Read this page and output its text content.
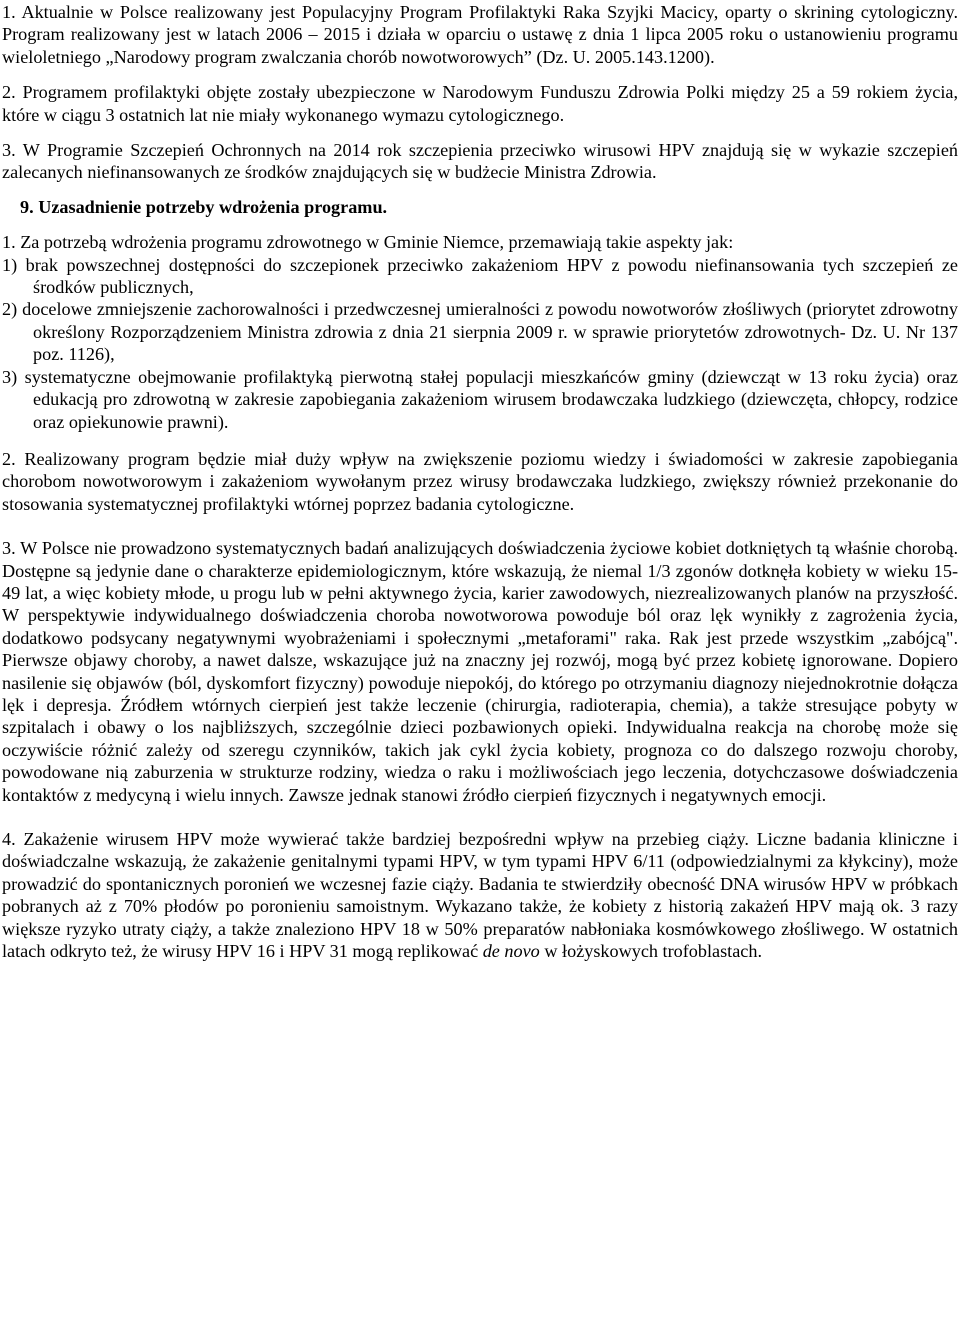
1. Aktualnie w Polsce realizowany jest Populacyjny Program Profilaktyki Raka Szyjki Macicy, oparty o skrining cytologiczny. Program realizowany jest w latach 2006 – 2015 i działa w oparciu o ustawę z dnia 1 lipca 2005 roku o ustanowieniu programu wieloletniego „Narodowy program zwalczania chorób nowotworowych” (Dz. U. 2005.143.1200).

2. Programem profilaktyki objęte zostały ubezpieczone w Narodowym Funduszu Zdrowia Polki między 25 a 59 rokiem życia, które w ciągu 3 ostatnich lat nie miały wykonanego wymazu cytologicznego.

3. W Programie Szczepień Ochronnych na 2014 rok szczepienia przeciwko wirusowi HPV znajdują się w wykazie szczepień zalecanych niefinansowanych ze środków znajdujących się w budżecie Ministra Zdrowia.

9. Uzasadnienie potrzeby wdrożenia programu.

1. Za potrzebą wdrożenia programu zdrowotnego w Gminie Niemce, przemawiają takie aspekty jak:

1) brak powszechnej dostępności do szczepionek przeciwko zakażeniom HPV z powodu niefinansowania tych szczepień ze środków publicznych,

2) docelowe zmniejszenie zachorowalności i przedwczesnej umieralności z powodu nowotworów złośliwych (priorytet zdrowotny określony Rozporządzeniem Ministra zdrowia z dnia 21 sierpnia 2009 r. w sprawie priorytetów zdrowotnych- Dz. U. Nr 137 poz. 1126),

3) systematyczne obejmowanie profilaktyką pierwotną stałej populacji mieszkańców gminy (dziewcząt w 13 roku życia) oraz edukacją pro zdrowotną w zakresie zapobiegania zakażeniom wirusem brodawczaka ludzkiego (dziewczęta, chłopcy, rodzice oraz opiekunowie prawni).

2. Realizowany program będzie miał duży wpływ na zwiększenie poziomu wiedzy i świadomości w zakresie zapobiegania chorobom nowotworowym i zakażeniom wywołanym przez wirusy brodawczaka ludzkiego, zwiększy również przekonanie do stosowania systematycznej profilaktyki wtórnej poprzez badania cytologiczne.

3. W Polsce nie prowadzono systematycznych badań analizujących doświadczenia życiowe kobiet dotkniętych tą właśnie chorobą. Dostępne są jedynie dane o charakterze epidemiologicznym, które wskazują, że niemal 1/3 zgonów dotknęła kobiety w wieku 15-49 lat, a więc kobiety młode, u progu lub w pełni aktywnego życia, karier zawodowych, niezrealizowanych planów na przyszłość. W perspektywie indywidualnego doświadczenia choroba nowotworowa powoduje ból oraz lęk wynikły z zagrożenia życia, dodatkowo podsycany negatywnymi wyobrażeniami i społecznymi „metaforami" raka. Rak jest przede wszystkim „zabójcą". Pierwsze objawy choroby, a nawet dalsze, wskazujące już na znaczny jej rozwój, mogą być przez kobietę ignorowane. Dopiero nasilenie się objawów (ból, dyskomfort fizyczny) powoduje niepokój, do którego po otrzymaniu diagnozy niejednokrotnie dołącza lęk i depresja. Źródłem wtórnych cierpień jest także leczenie (chirurgia, radioterapia, chemia), a także stresujące pobyty w szpitalach i obawy o los najbliższych, szczególnie dzieci pozbawionych opieki. Indywidualna reakcja na chorobę może się oczywiście różnić zależy od szeregu czynników, takich jak cykl życia kobiety, prognoza co do dalszego rozwoju choroby, powodowane nią zaburzenia w strukturze rodziny, wiedza o raku i możliwościach jego leczenia, dotychczasowe doświadczenia kontaktów z medycyną i wielu innych. Zawsze jednak stanowi źródło cierpień fizycznych i negatywnych emocji.

4. Zakażenie wirusem HPV może wywierać także bardziej bezpośredni wpływ na przebieg ciąży. Liczne badania kliniczne i doświadczalne wskazują, że zakażenie genitalnymi typami HPV, w tym typami HPV 6/11 (odpowiedzialnymi za kłykciny), może prowadzić do spontanicznych poronień we wczesnej fazie ciąży. Badania te stwierdziły obecność DNA wirusów HPV w próbkach pobranych aż z 70% płodów po poronieniu samoistnym. Wykazano także, że kobiety z historią zakażeń HPV mają ok. 3 razy większe ryzyko utraty ciąży, a także znaleziono HPV 18 w 50% preparatów nabłoniaka kosmówkowego złośliwego. W ostatnich latach odkryto też, że wirusy HPV 16 i HPV 31 mogą replikować de novo w łożyskowych trofoblastach.
